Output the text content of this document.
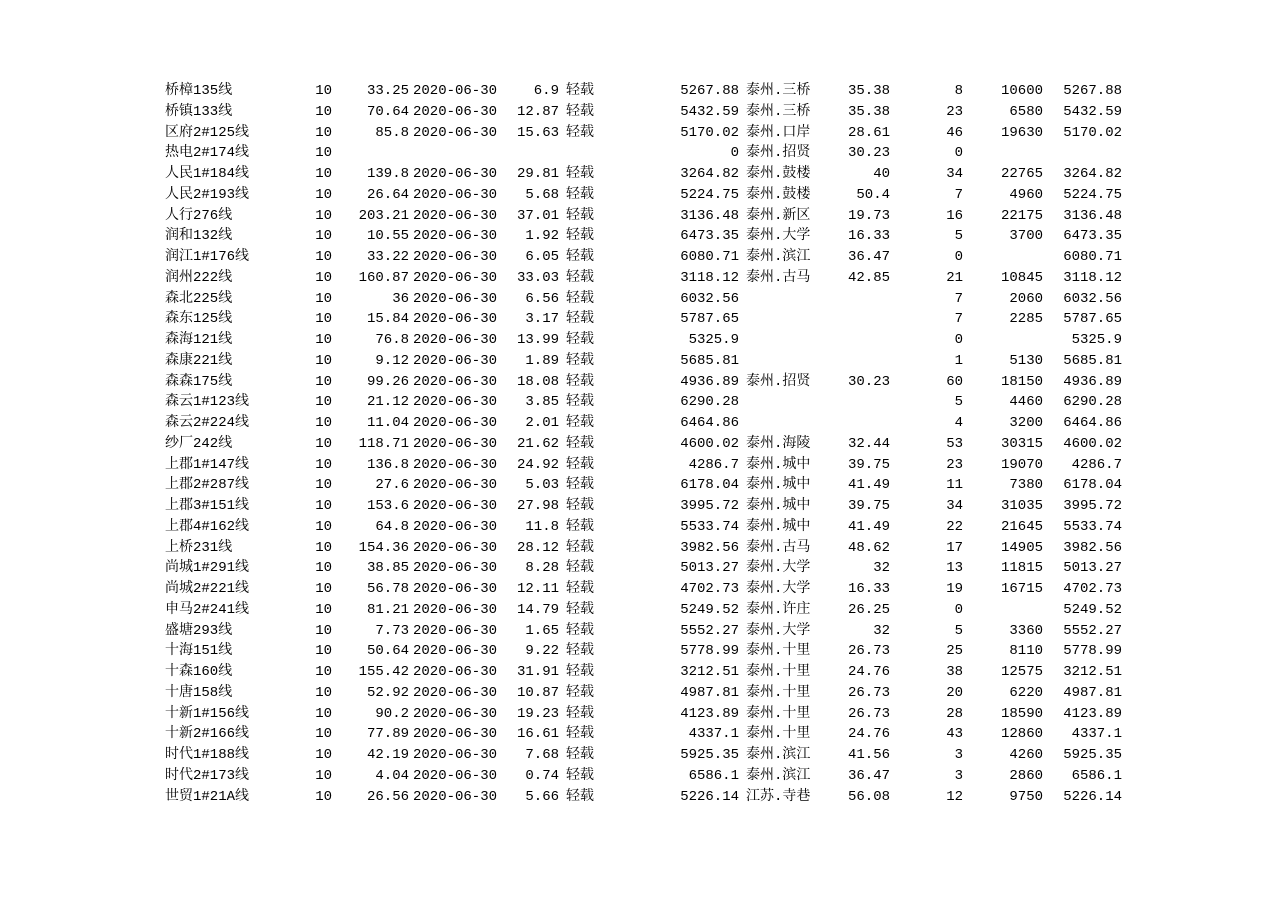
桥樟135线	10	33.25	2020-06-30	6.9	轻载	5267.88	泰州.三桥	35.38	8	10600	5267.88
桥镇133线	10	70.64	2020-06-30	12.87	轻载	5432.59	泰州.三桥	35.38	23	6580	5432.59
区府2#125线	10	85.8	2020-06-30	15.63	轻载	5170.02	泰州.口岸	28.61	46	19630	5170.02
热电2#174线	10					0	泰州.招贤	30.23	0		
人民1#184线	10	139.8	2020-06-30	29.81	轻载	3264.82	泰州.鼓楼	40	34	22765	3264.82
人民2#193线	10	26.64	2020-06-30	5.68	轻载	5224.75	泰州.鼓楼	50.4	7	4960	5224.75
人行276线	10	203.21	2020-06-30	37.01	轻载	3136.48	泰州.新区	19.73	16	22175	3136.48
润和132线	10	10.55	2020-06-30	1.92	轻载	6473.35	泰州.大学	16.33	5	3700	6473.35
润江1#176线	10	33.22	2020-06-30	6.05	轻载	6080.71	泰州.滨江	36.47	0		6080.71
润州222线	10	160.87	2020-06-30	33.03	轻载	3118.12	泰州.古马	42.85	21	10845	3118.12
森北225线	10	36	2020-06-30	6.56	轻载	6032.56			7	2060	6032.56
森东125线	10	15.84	2020-06-30	3.17	轻载	5787.65			7	2285	5787.65
森海121线	10	76.8	2020-06-30	13.99	轻载	5325.9			0		5325.9
森康221线	10	9.12	2020-06-30	1.89	轻载	5685.81			1	5130	5685.81
森森175线	10	99.26	2020-06-30	18.08	轻载	4936.89	泰州.招贤	30.23	60	18150	4936.89
森云1#123线	10	21.12	2020-06-30	3.85	轻载	6290.28			5	4460	6290.28
森云2#224线	10	11.04	2020-06-30	2.01	轻载	6464.86			4	3200	6464.86
纱厂242线	10	118.71	2020-06-30	21.62	轻载	4600.02	泰州.海陵	32.44	53	30315	4600.02
上郡1#147线	10	136.8	2020-06-30	24.92	轻载	4286.7	泰州.城中	39.75	23	19070	4286.7
上郡2#287线	10	27.6	2020-06-30	5.03	轻载	6178.04	泰州.城中	41.49	11	7380	6178.04
上郡3#151线	10	153.6	2020-06-30	27.98	轻载	3995.72	泰州.城中	39.75	34	31035	3995.72
上郡4#162线	10	64.8	2020-06-30	11.8	轻载	5533.74	泰州.城中	41.49	22	21645	5533.74
上桥231线	10	154.36	2020-06-30	28.12	轻载	3982.56	泰州.古马	48.62	17	14905	3982.56
尚城1#291线	10	38.85	2020-06-30	8.28	轻载	5013.27	泰州.大学	32	13	11815	5013.27
尚城2#221线	10	56.78	2020-06-30	12.11	轻载	4702.73	泰州.大学	16.33	19	16715	4702.73
申马2#241线	10	81.21	2020-06-30	14.79	轻载	5249.52	泰州.许庄	26.25	0		5249.52
盛塘293线	10	7.73	2020-06-30	1.65	轻载	5552.27	泰州.大学	32	5	3360	5552.27
十海151线	10	50.64	2020-06-30	9.22	轻载	5778.99	泰州.十里	26.73	25	8110	5778.99
十森160线	10	155.42	2020-06-30	31.91	轻载	3212.51	泰州.十里	24.76	38	12575	3212.51
十唐158线	10	52.92	2020-06-30	10.87	轻载	4987.81	泰州.十里	26.73	20	6220	4987.81
十新1#156线	10	90.2	2020-06-30	19.23	轻载	4123.89	泰州.十里	26.73	28	18590	4123.89
十新2#166线	10	77.89	2020-06-30	16.61	轻载	4337.1	泰州.十里	24.76	43	12860	4337.1
时代1#188线	10	42.19	2020-06-30	7.68	轻载	5925.35	泰州.滨江	41.56	3	4260	5925.35
时代2#173线	10	4.04	2020-06-30	0.74	轻载	6586.1	泰州.滨江	36.47	3	2860	6586.1
世贸1#21A线	10	26.56	2020-06-30	5.66	轻载	5226.14	江苏.寺巷	56.08	12	9750	5226.14
